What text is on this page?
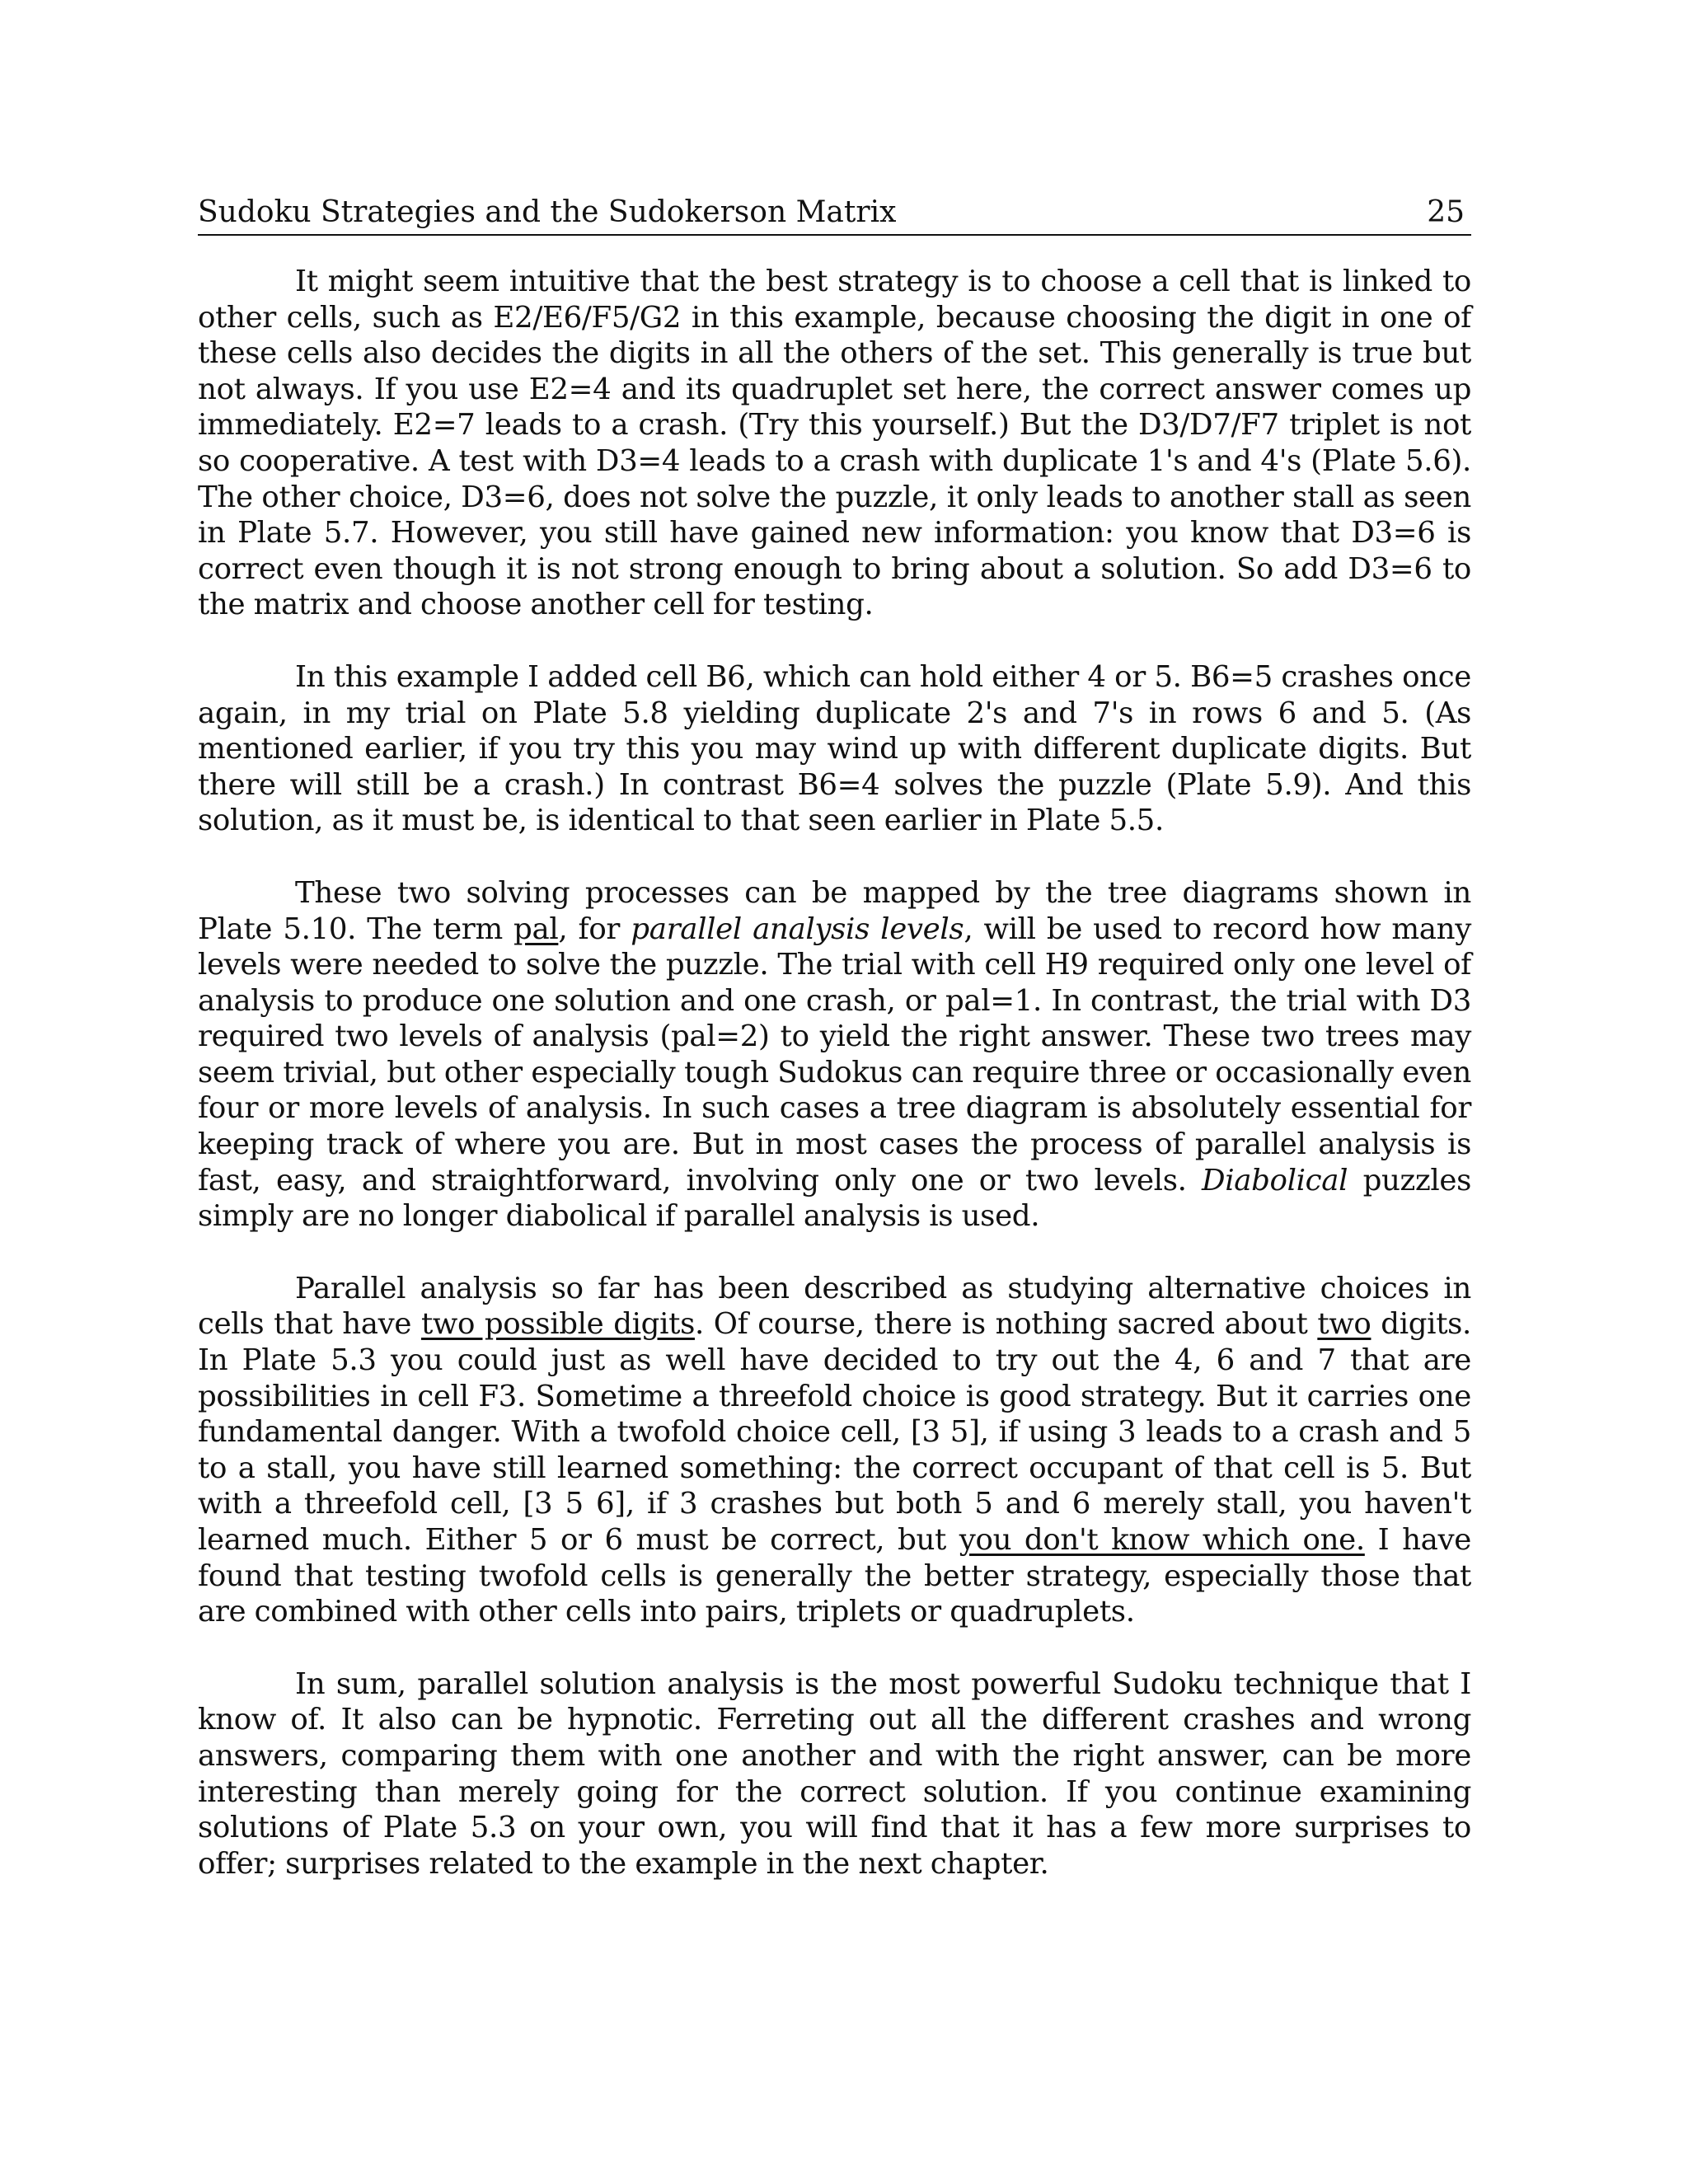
Sudoku Strategies and the Sudokerson Matrix	25

It might seem intuitive that the best strategy is to choose a cell that is linked to other cells, such as E2/E6/F5/G2 in this example, because choosing the digit in one of these cells also decides the digits in all the others of the set. This generally is true but not always. If you use E2=4 and its quadruplet set here, the correct answer comes up immediately. E2=7 leads to a crash. (Try this yourself.) But the D3/D7/F7 triplet is not so cooperative. A test with D3=4 leads to a crash with duplicate 1's and 4's (Plate 5.6). The other choice, D3=6, does not solve the puzzle, it only leads to another stall as seen in Plate 5.7. However, you still have gained new information: you know that D3=6 is correct even though it is not strong enough to bring about a solution. So add D3=6 to the matrix and choose another cell for testing.

In this example I added cell B6, which can hold either 4 or 5. B6=5 crashes once again, in my trial on Plate 5.8 yielding duplicate 2's and 7's in rows 6 and 5. (As mentioned earlier, if you try this you may wind up with different duplicate digits. But there will still be a crash.) In contrast B6=4 solves the puzzle (Plate 5.9). And this solution, as it must be, is identical to that seen earlier in Plate 5.5.

These two solving processes can be mapped by the tree diagrams shown in Plate 5.10. The term pal, for parallel analysis levels, will be used to record how many levels were needed to solve the puzzle. The trial with cell H9 required only one level of analysis to produce one solution and one crash, or pal=1. In contrast, the trial with D3 required two levels of analysis (pal=2) to yield the right answer. These two trees may seem trivial, but other especially tough Sudokus can require three or occasionally even four or more levels of analysis. In such cases a tree diagram is absolutely essential for keeping track of where you are. But in most cases the process of parallel analysis is fast, easy, and straightforward, involving only one or two levels. Diabolical puzzles simply are no longer diabolical if parallel analysis is used.

Parallel analysis so far has been described as studying alternative choices in cells that have two possible digits. Of course, there is nothing sacred about two digits. In Plate 5.3 you could just as well have decided to try out the 4, 6 and 7 that are possibilities in cell F3. Sometime a threefold choice is good strategy. But it carries one fundamental danger. With a twofold choice cell, [3 5], if using 3 leads to a crash and 5 to a stall, you have still learned something: the correct occupant of that cell is 5. But with a threefold cell, [3 5 6], if 3 crashes but both 5 and 6 merely stall, you haven't learned much. Either 5 or 6 must be correct, but you don't know which one. I have found that testing twofold cells is generally the better strategy, especially those that are combined with other cells into pairs, triplets or quadruplets.

In sum, parallel solution analysis is the most powerful Sudoku technique that I know of. It also can be hypnotic. Ferreting out all the different crashes and wrong answers, comparing them with one another and with the right answer, can be more interesting than merely going for the correct solution. If you continue examining solutions of Plate 5.3 on your own, you will find that it has a few more surprises to offer; surprises related to the example in the next chapter.
